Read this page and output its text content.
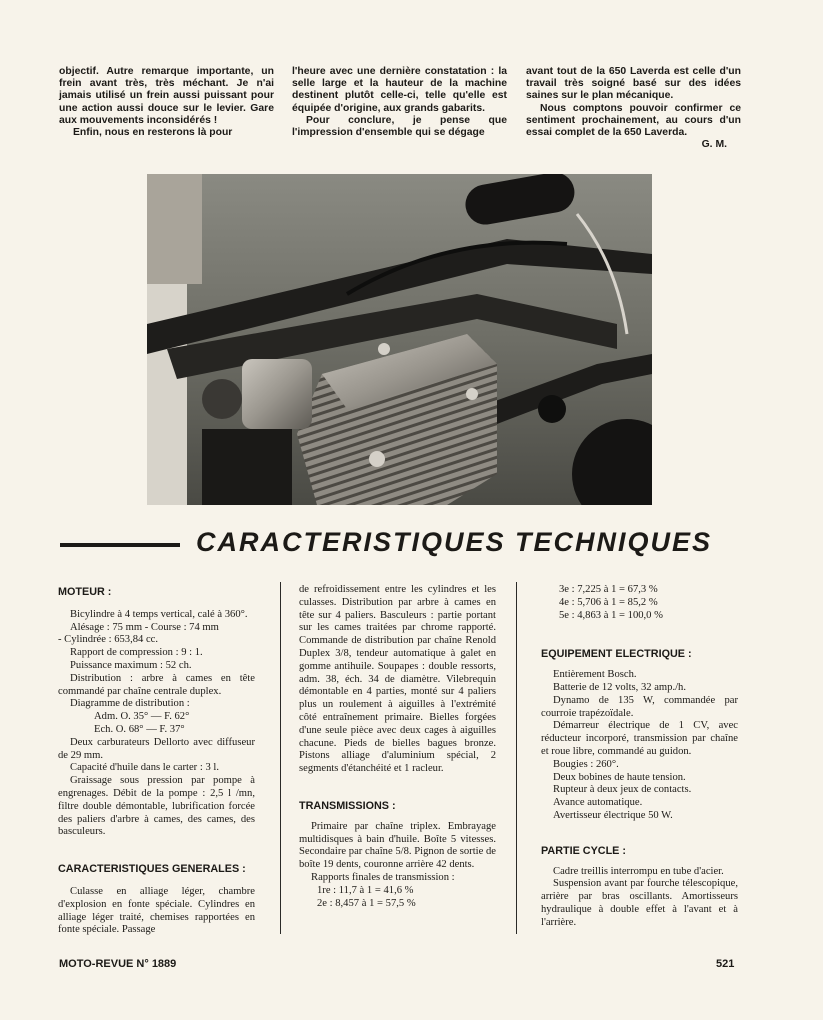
objectif. Autre remarque importante, un frein avant très, très méchant. Je n'ai jamais utilisé un frein aussi puissant pour une action aussi douce sur le levier. Gare aux mouvements inconsidérés !

Enfin, nous en resterons là pour

l'heure avec une dernière constatation : la selle large et la hauteur de la machine destinent plutôt celle-ci, telle qu'elle est équipée d'origine, aux grands gabarits.

Pour conclure, je pense que l'impression d'ensemble qui se dégage

avant tout de la 650 Laverda est celle d'un travail très soigné basé sur des idées saines sur le plan mécanique.

Nous comptons pouvoir confirmer ce sentiment prochainement, au cours d'un essai complet de la 650 Laverda.

G. M.

CARACTERISTIQUES TECHNIQUES

MOTEUR :

Bicylindre à 4 temps vertical, calé à 360°.

Alésage : 75 mm - Course : 74 mm

- Cylindrée : 653,84 cc.

Rapport de compression : 9 : 1.

Puissance maximum : 52 ch.

Distribution : arbre à cames en tête commandé par chaîne centrale duplex.

Diagramme de distribution :

Adm. O. 35° — F. 62°

Ech. O. 68° — F. 37°

Deux carburateurs Dellorto avec diffuseur de 29 mm.

Capacité d'huile dans le carter : 3 l.

Graissage sous pression par pompe à engrenages. Débit de la pompe : 2,5 l /mn, filtre double démontable, lubrification forcée des paliers d'arbre à cames, des cames, des basculeurs.

CARACTERISTIQUES GENERALES :

Culasse en alliage léger, chambre d'explosion en fonte spéciale. Cylindres en alliage léger traité, chemises rapportées en fonte spéciale. Passage

de refroidissement entre les cylindres et les culasses. Distribution par arbre à cames en tête sur 4 paliers. Basculeurs : partie portant sur les cames traitées par chrome rapporté. Commande de distribution par chaîne Renold Duplex 3/8, tendeur automatique à galet en gomme antihuile. Soupapes : double ressorts, adm. 38, éch. 34 de diamètre. Vilebrequin démontable en 4 parties, monté sur 4 paliers plus un roulement à aiguilles à l'extrémité côté entraînement primaire. Bielles forgées d'une seule pièce avec deux cages à aiguilles chacune. Pieds de bielles bagues bronze. Pistons alliage d'aluminium spécial, 2 segments d'étanchéité et 1 racleur.

TRANSMISSIONS :

Primaire par chaîne triplex. Embrayage multidisques à bain d'huile. Boîte 5 vitesses. Secondaire par chaîne 5/8. Pignon de sortie de boîte 19 dents, couronne arrière 42 dents.

Rapports finales de transmission :

1re : 11,7 à 1 = 41,6 %

2e : 8,457 à 1 = 57,5 %

3e : 7,225 à 1 = 67,3 %

4e : 5,706 à 1 = 85,2 %

5e : 4,863 à 1 = 100,0 %

EQUIPEMENT ELECTRIQUE :

Entièrement Bosch.

Batterie de 12 volts, 32 amp./h.

Dynamo de 135 W, commandée par courroie trapézoïdale.

Démarreur électrique de 1 CV, avec réducteur incorporé, transmission par chaîne et roue libre, commandé au guidon.

Bougies : 260°.

Deux bobines de haute tension.

Rupteur à deux jeux de contacts.

Avance automatique.

Avertisseur électrique 50 W.

PARTIE CYCLE :

Cadre treillis interrompu en tube d'acier.

Suspension avant par fourche télescopique, arrière par bras oscillants. Amortisseurs hydraulique à double effet à l'avant et à l'arrière.

MOTO-REVUE N° 1889	521
